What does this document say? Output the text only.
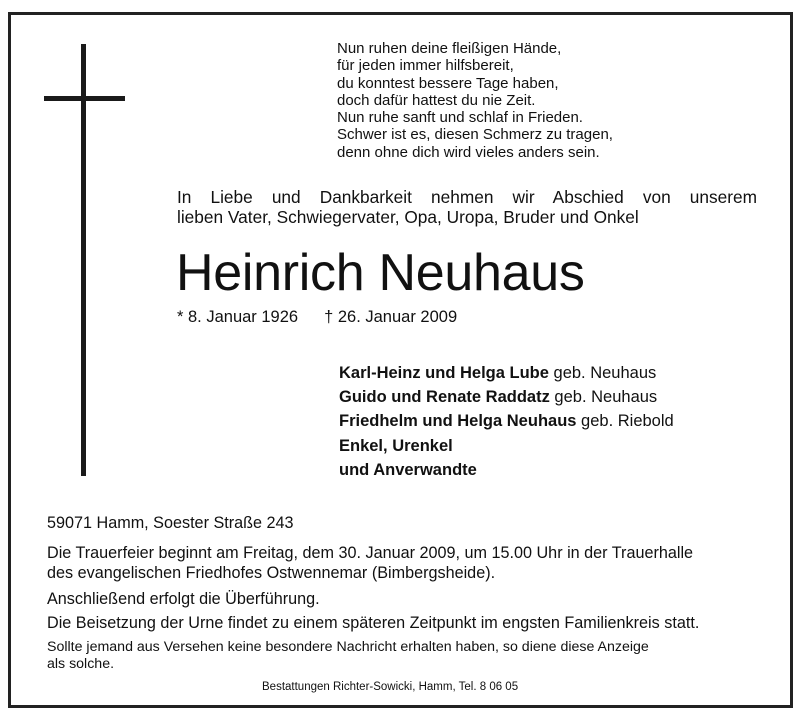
Nun ruhen deine fleißigen Hände,
für jeden immer hilfsbereit,
du konntest bessere Tage haben,
doch dafür hattest du nie Zeit.
Nun ruhe sanft und schlaf in Frieden.
Schwer ist es, diesen Schmerz zu tragen,
denn ohne dich wird vieles anders sein.
In Liebe und Dankbarkeit nehmen wir Abschied von unserem
lieben Vater, Schwiegervater, Opa, Uropa, Bruder und Onkel
Heinrich Neuhaus
* 8. Januar 1926 † 26. Januar 2009
Karl-Heinz und Helga Lube geb. Neuhaus
Guido und Renate Raddatz geb. Neuhaus
Friedhelm und Helga Neuhaus geb. Riebold
Enkel, Urenkel
und Anverwandte
59071 Hamm, Soester Straße 243
Die Trauerfeier beginnt am Freitag, dem 30. Januar 2009, um 15.00 Uhr in der Trauerhalle
des evangelischen Friedhofes Ostwennemar (Bimbergsheide).
Anschließend erfolgt die Überführung.
Die Beisetzung der Urne findet zu einem späteren Zeitpunkt im engsten Familienkreis statt.
Sollte jemand aus Versehen keine besondere Nachricht erhalten haben, so diene diese Anzeige
als solche.
Bestattungen Richter-Sowicki, Hamm, Tel. 8 06 05
